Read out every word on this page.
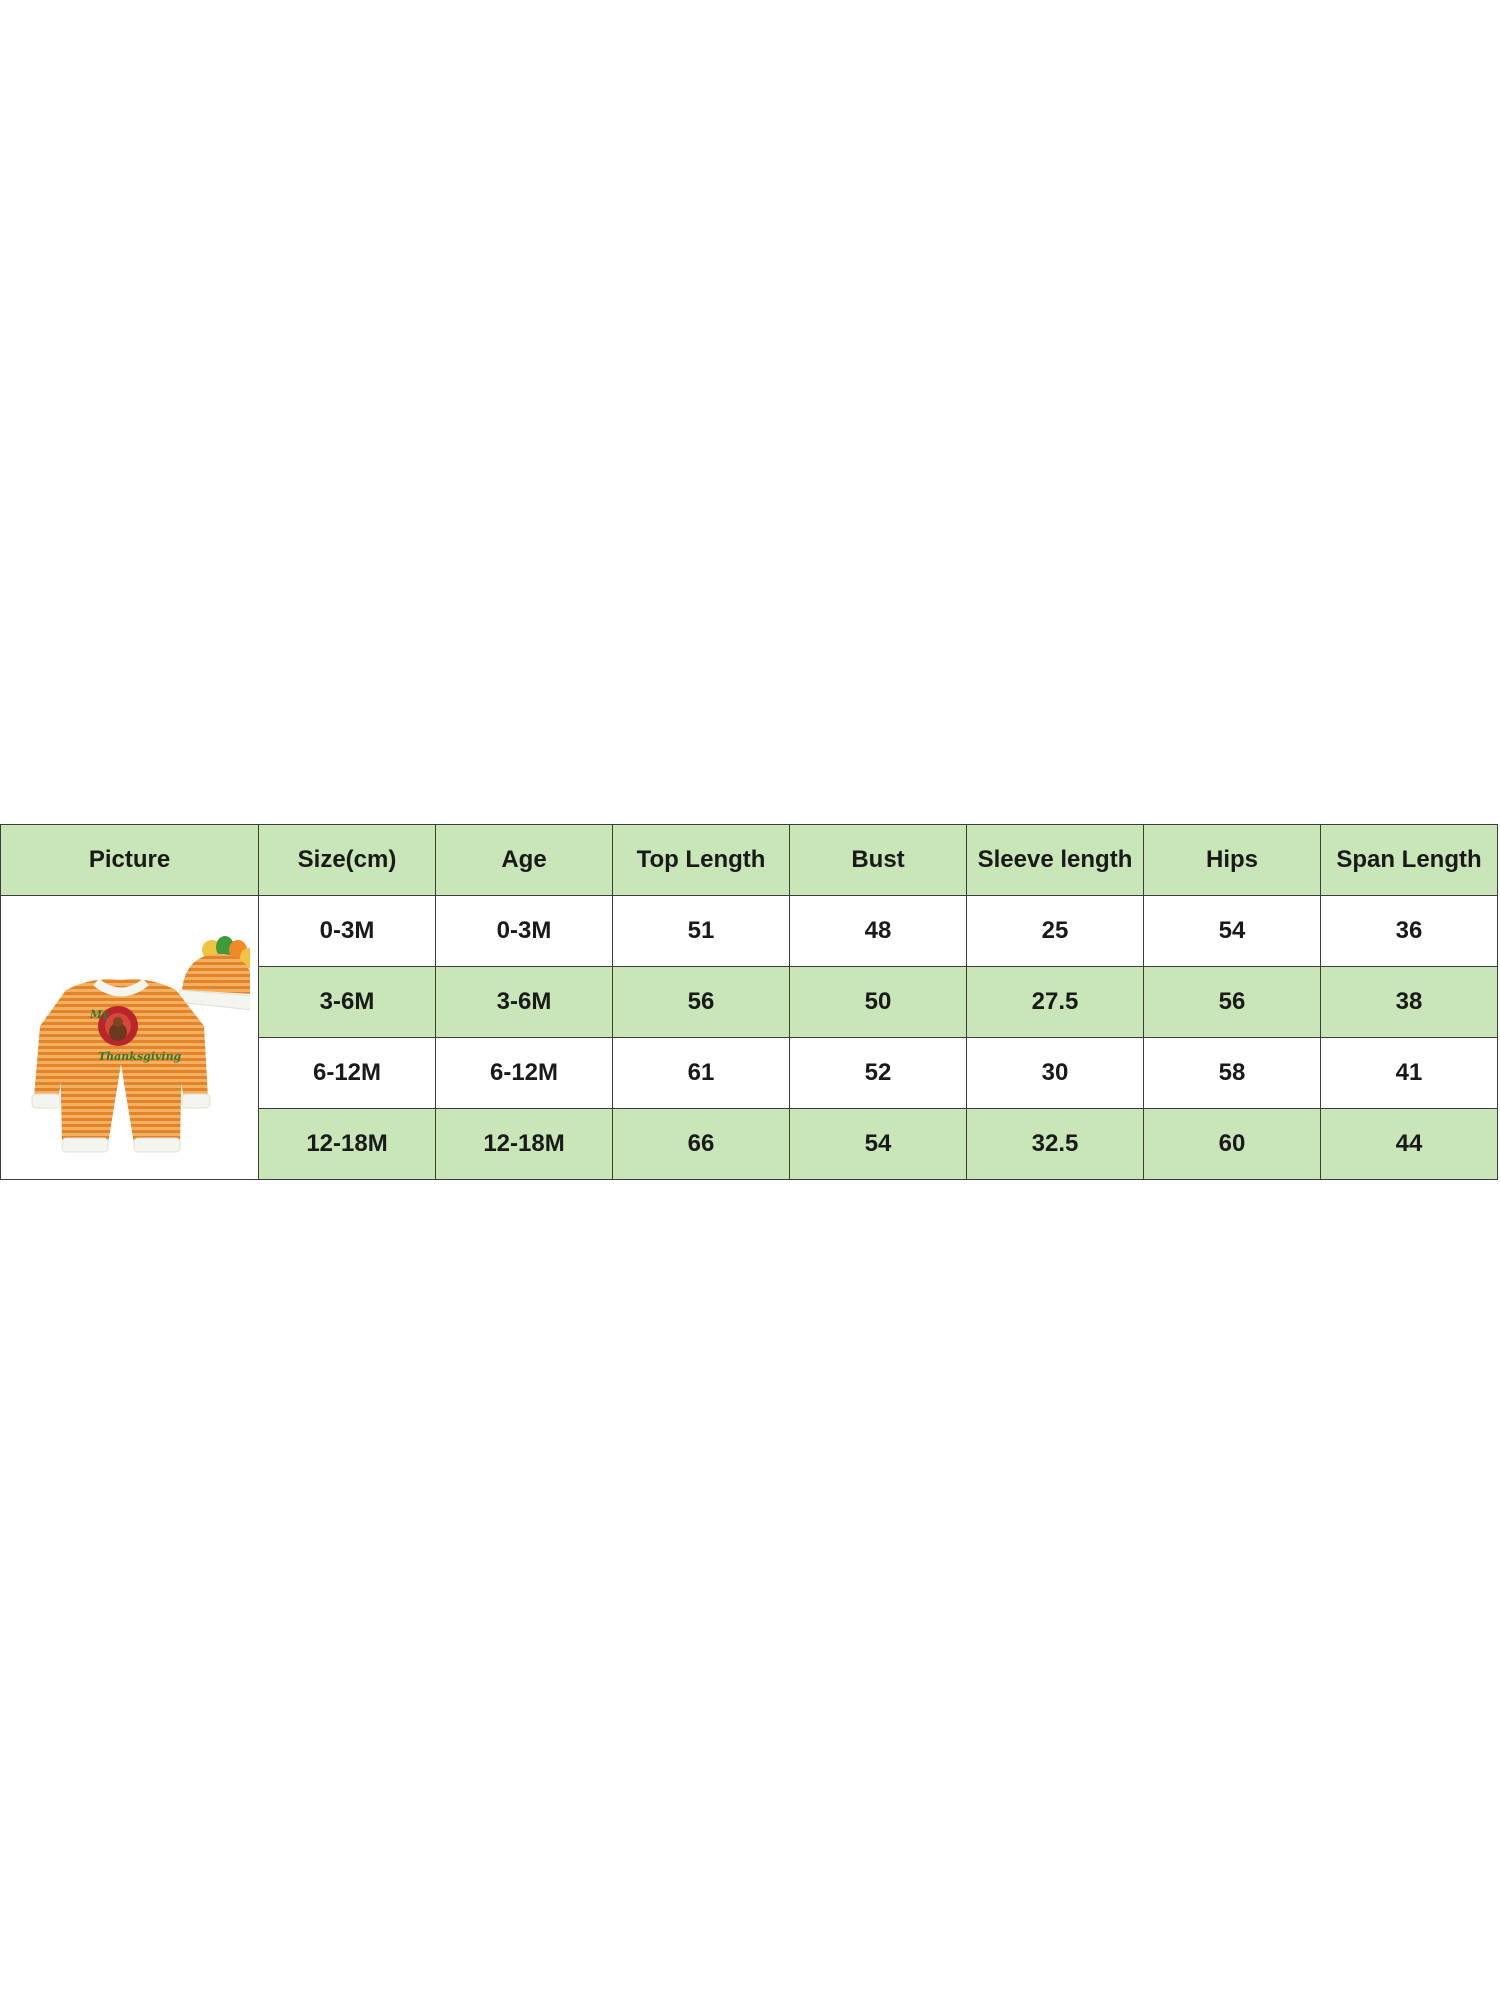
Picture	Size(cm)	Age	Top Length	Bust	Sleeve length	Hips	Span Length

My
Thanksgiving	0-3M	0-3M	51	48	25	54	36
	3-6M	3-6M	56	50	27.5	56	38
	6-12M	6-12M	61	52	30	58	41
	12-18M	12-18M	66	54	32.5	60	44
